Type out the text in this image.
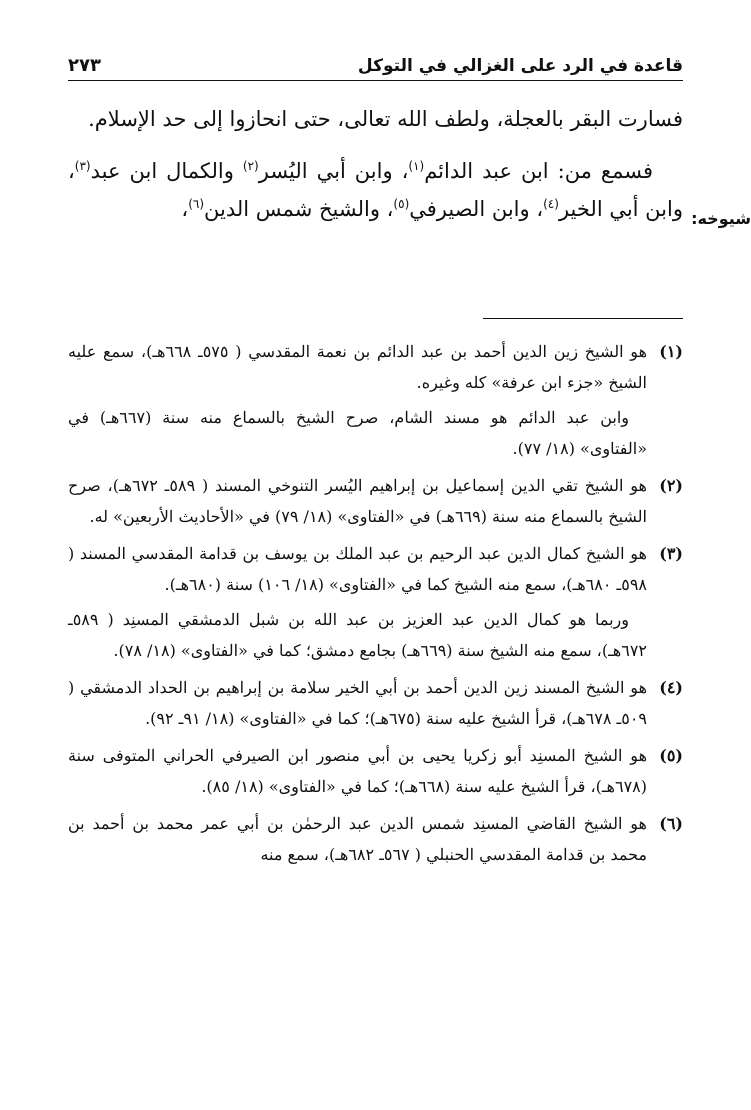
قاعدة في الرد على الغزالي في التوكل
٢٧٣
شيوخه:

فسارت البقر بالعجلة، ولطف الله تعالى، حتى انحازوا إلى حد الإسلام.

فسمع من: ابن عبد الدائم$^{(١)}$، وابن أبي اليُسر$^{(٢)}$ والكمال ابن عبد$^{(٣)}$، وابن أبي الخير$^{(٤)}$، وابن الصيرفي$^{(٥)}$، والشيخ شمس الدين$^{(٦)}$،

(١)

هو الشيخ زين الدين أحمد بن عبد الدائم بن نعمة المقدسي ( ٥٧٥ـ ٦٦٨هـ)، سمع عليه الشيخ «جزء ابن عرفة» كله وغيره.

وابن عبد الدائم هو مسند الشام، صرح الشيخ بالسماع منه سنة (٦٦٧هـ) في «الفتاوى» (١٨/ ٧٧).

(٢)

هو الشيخ تقي الدين إسماعيل بن إبراهيم اليُسر التنوخي المسند ( ٥٨٩ـ ٦٧٢هـ)، صرح الشيخ بالسماع منه سنة (٦٦٩هـ) في «الفتاوى» (١٨/ ٧٩) في «الأحاديث الأربعين» له.

(٣)

هو الشيخ كمال الدين عبد الرحيم بن عبد الملك بن يوسف بن قدامة المقدسي المسند ( ٥٩٨ـ ٦٨٠هـ)، سمع منه الشيخ كما في «الفتاوى» (١٨/ ١٠٦) سنة (٦٨٠هـ).

وربما هو كمال الدين عبد العزيز بن عبد الله بن شبل الدمشقي المسنِد ( ٥٨٩ـ ٦٧٢هـ)، سمع منه الشيخ سنة (٦٦٩هـ) بجامع دمشق؛ كما في «الفتاوى» (١٨/ ٧٨).

(٤)

هو الشيخ المسند زين الدين أحمد بن أبي الخير سلامة بن إبراهيم بن الحداد الدمشقي ( ٥٠٩ـ ٦٧٨هـ)، قرأ الشيخ عليه سنة (٦٧٥هـ)؛ كما في «الفتاوى» (١٨/ ٩١ـ ٩٢).

(٥)

هو الشيخ المسنِد أبو زكريا يحيى بن أبي منصور ابن الصيرفي الحراني المتوفى سنة (٦٧٨هـ)، قرأ الشيخ عليه سنة (٦٦٨هـ)؛ كما في «الفتاوى» (١٨/ ٨٥).

(٦)

هو الشيخ القاضي المسنِد شمس الدين عبد الرحمٰن بن أبي عمر محمد بن أحمد بن محمد بن قدامة المقدسي الحنبلي ( ٥٦٧ـ ٦٨٢هـ)، سمع منه
